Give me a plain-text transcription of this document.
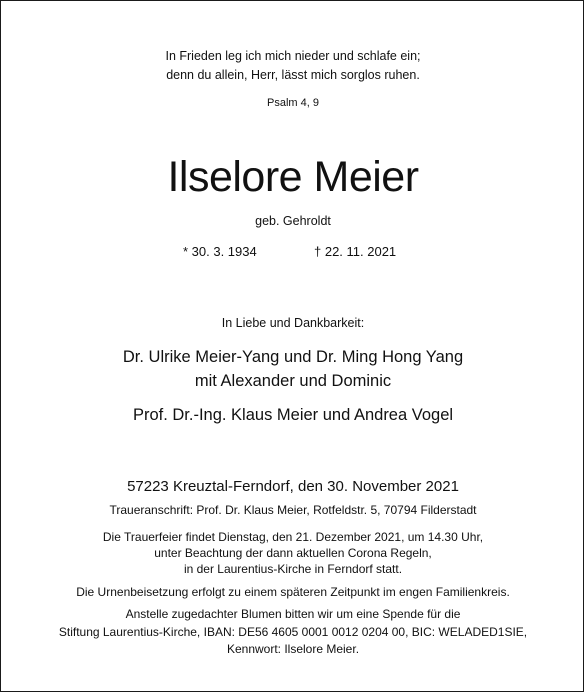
In Frieden leg ich mich nieder und schlafe ein;
denn du allein, Herr, lässt mich sorglos ruhen.
Psalm 4, 9
Ilselore Meier
geb. Gehroldt
* 30. 3. 1934	† 22. 11. 2021
In Liebe und Dankbarkeit:
Dr. Ulrike Meier-Yang und Dr. Ming Hong Yang
mit Alexander und Dominic
Prof. Dr.-Ing. Klaus Meier und Andrea Vogel
57223 Kreuztal-Ferndorf, den 30. November 2021
Traueranschrift: Prof. Dr. Klaus Meier, Rotfeldstr. 5, 70794 Filderstadt
Die Trauerfeier findet Dienstag, den 21. Dezember 2021, um 14.30 Uhr,
unter Beachtung der dann aktuellen Corona Regeln,
in der Laurentius-Kirche in Ferndorf statt.
Die Urnenbeisetzung erfolgt zu einem späteren Zeitpunkt im engen Familienkreis.
Anstelle zugedachter Blumen bitten wir um eine Spende für die
Stiftung Laurentius-Kirche, IBAN: DE56 4605 0001 0012 0204 00, BIC: WELADED1SIE,
Kennwort: Ilselore Meier.
